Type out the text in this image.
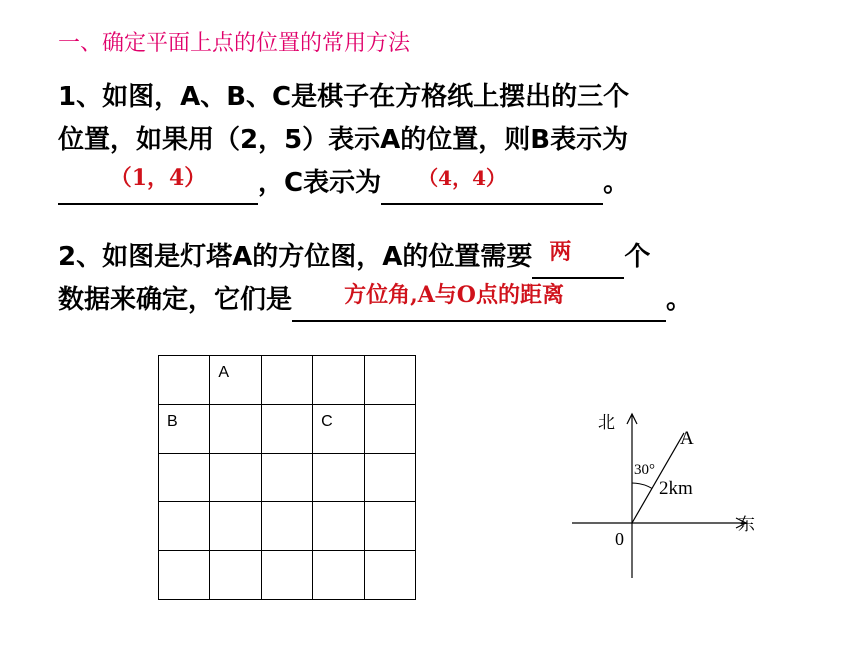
一、确定平面上点的位置的常用方法
1、如图，A、B、C是棋子在方格纸上摆出的三个
位置，如果用（2，5）表示A的位置，则B表示为
（1，4）	，C表示为	（4，4）	。
2、如图是灯塔A的方位图，A的位置需要 两	个
数据来确定，它们是	方位角,A与O点的距离	。

	A			

B			C	

					北
东
0
A
30°
2km
